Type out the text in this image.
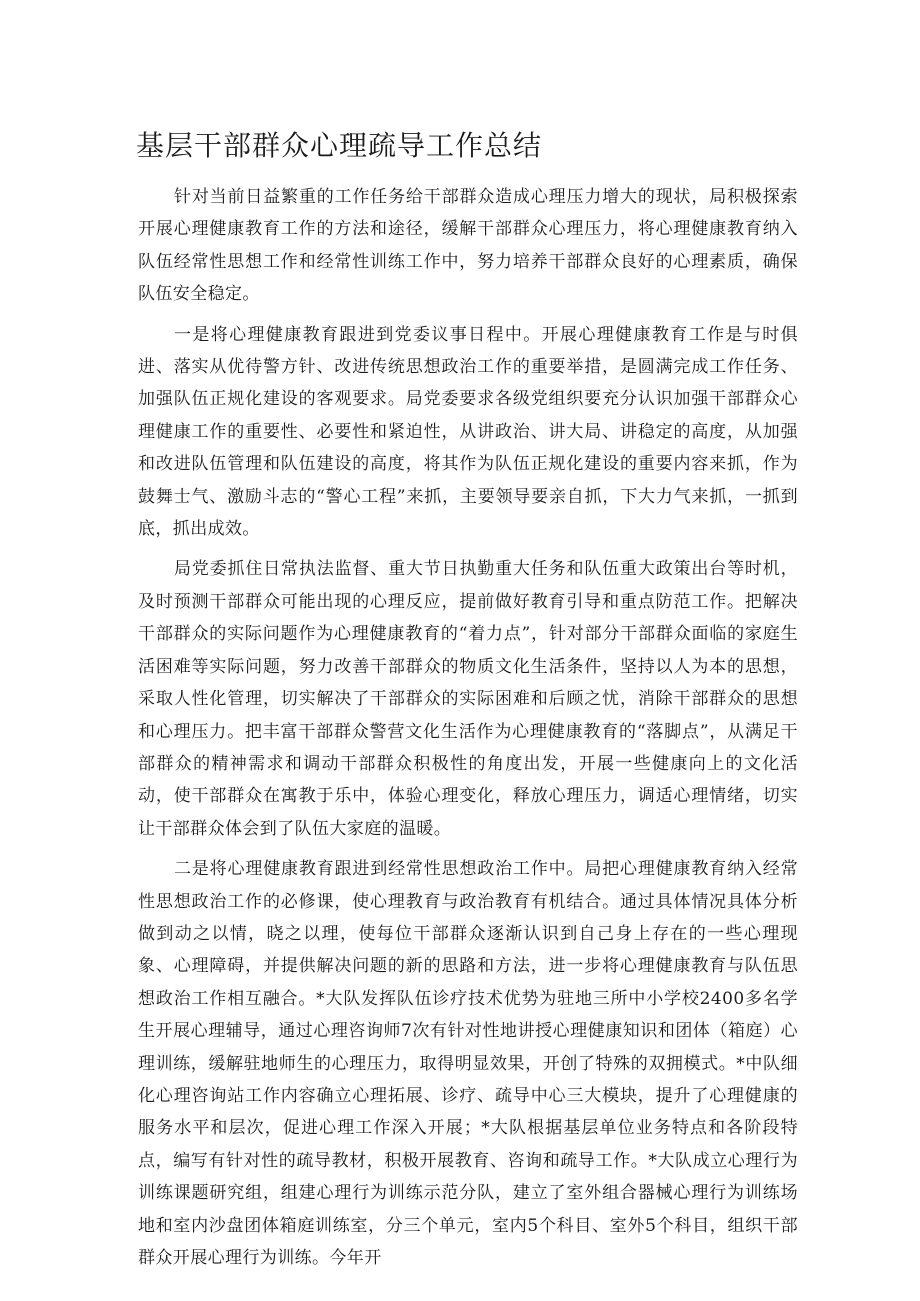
基层干部群众心理疏导工作总结

针对当前日益繁重的工作任务给干部群众造成心理压力增大的现状，局积极探索开展心理健康教育工作的方法和途径，缓解干部群众心理压力，将心理健康教育纳入队伍经常性思想工作和经常性训练工作中，努力培养干部群众良好的心理素质，确保队伍安全稳定。

一是将心理健康教育跟进到党委议事日程中。开展心理健康教育工作是与时俱进、落实从优待警方针、改进传统思想政治工作的重要举措，是圆满完成工作任务、加强队伍正规化建设的客观要求。局党委要求各级党组织要充分认识加强干部群众心理健康工作的重要性、必要性和紧迫性，从讲政治、讲大局、讲稳定的高度，从加强和改进队伍管理和队伍建设的高度，将其作为队伍正规化建设的重要内容来抓，作为鼓舞士气、激励斗志的“警心工程”来抓，主要领导要亲自抓，下大力气来抓，一抓到底，抓出成效。

局党委抓住日常执法监督、重大节日执勤重大任务和队伍重大政策出台等时机，及时预测干部群众可能出现的心理反应，提前做好教育引导和重点防范工作。把解决干部群众的实际问题作为心理健康教育的“着力点”，针对部分干部群众面临的家庭生活困难等实际问题，努力改善干部群众的物质文化生活条件，坚持以人为本的思想，采取人性化管理，切实解决了干部群众的实际困难和后顾之忧，消除干部群众的思想和心理压力。把丰富干部群众警营文化生活作为心理健康教育的“落脚点”，从满足干部群众的精神需求和调动干部群众积极性的角度出发，开展一些健康向上的文化活动，使干部群众在寓教于乐中，体验心理变化，释放心理压力，调适心理情绪，切实让干部群众体会到了队伍大家庭的温暖。

二是将心理健康教育跟进到经常性思想政治工作中。局把心理健康教育纳入经常性思想政治工作的必修课，使心理教育与政治教育有机结合。通过具体情况具体分析做到动之以情，晓之以理，使每位干部群众逐渐认识到自己身上存在的一些心理现象、心理障碍，并提供解决问题的新的思路和方法，进一步将心理健康教育与队伍思想政治工作相互融合。*大队发挥队伍诊疗技术优势为驻地三所中小学校2400多名学生开展心理辅导，通过心理咨询师7次有针对性地讲授心理健康知识和团体（箱庭）心理训练，缓解驻地师生的心理压力，取得明显效果，开创了特殊的双拥模式。*中队细化心理咨询站工作内容确立心理拓展、诊疗、疏导中心三大模块，提升了心理健康的服务水平和层次，促进心理工作深入开展；*大队根据基层单位业务特点和各阶段特点，编写有针对性的疏导教材，积极开展教育、咨询和疏导工作。*大队成立心理行为训练课题研究组，组建心理行为训练示范分队，建立了室外组合器械心理行为训练场地和室内沙盘团体箱庭训练室，分三个单元，室内5个科目、室外5个科目，组织干部群众开展心理行为训练。今年开
